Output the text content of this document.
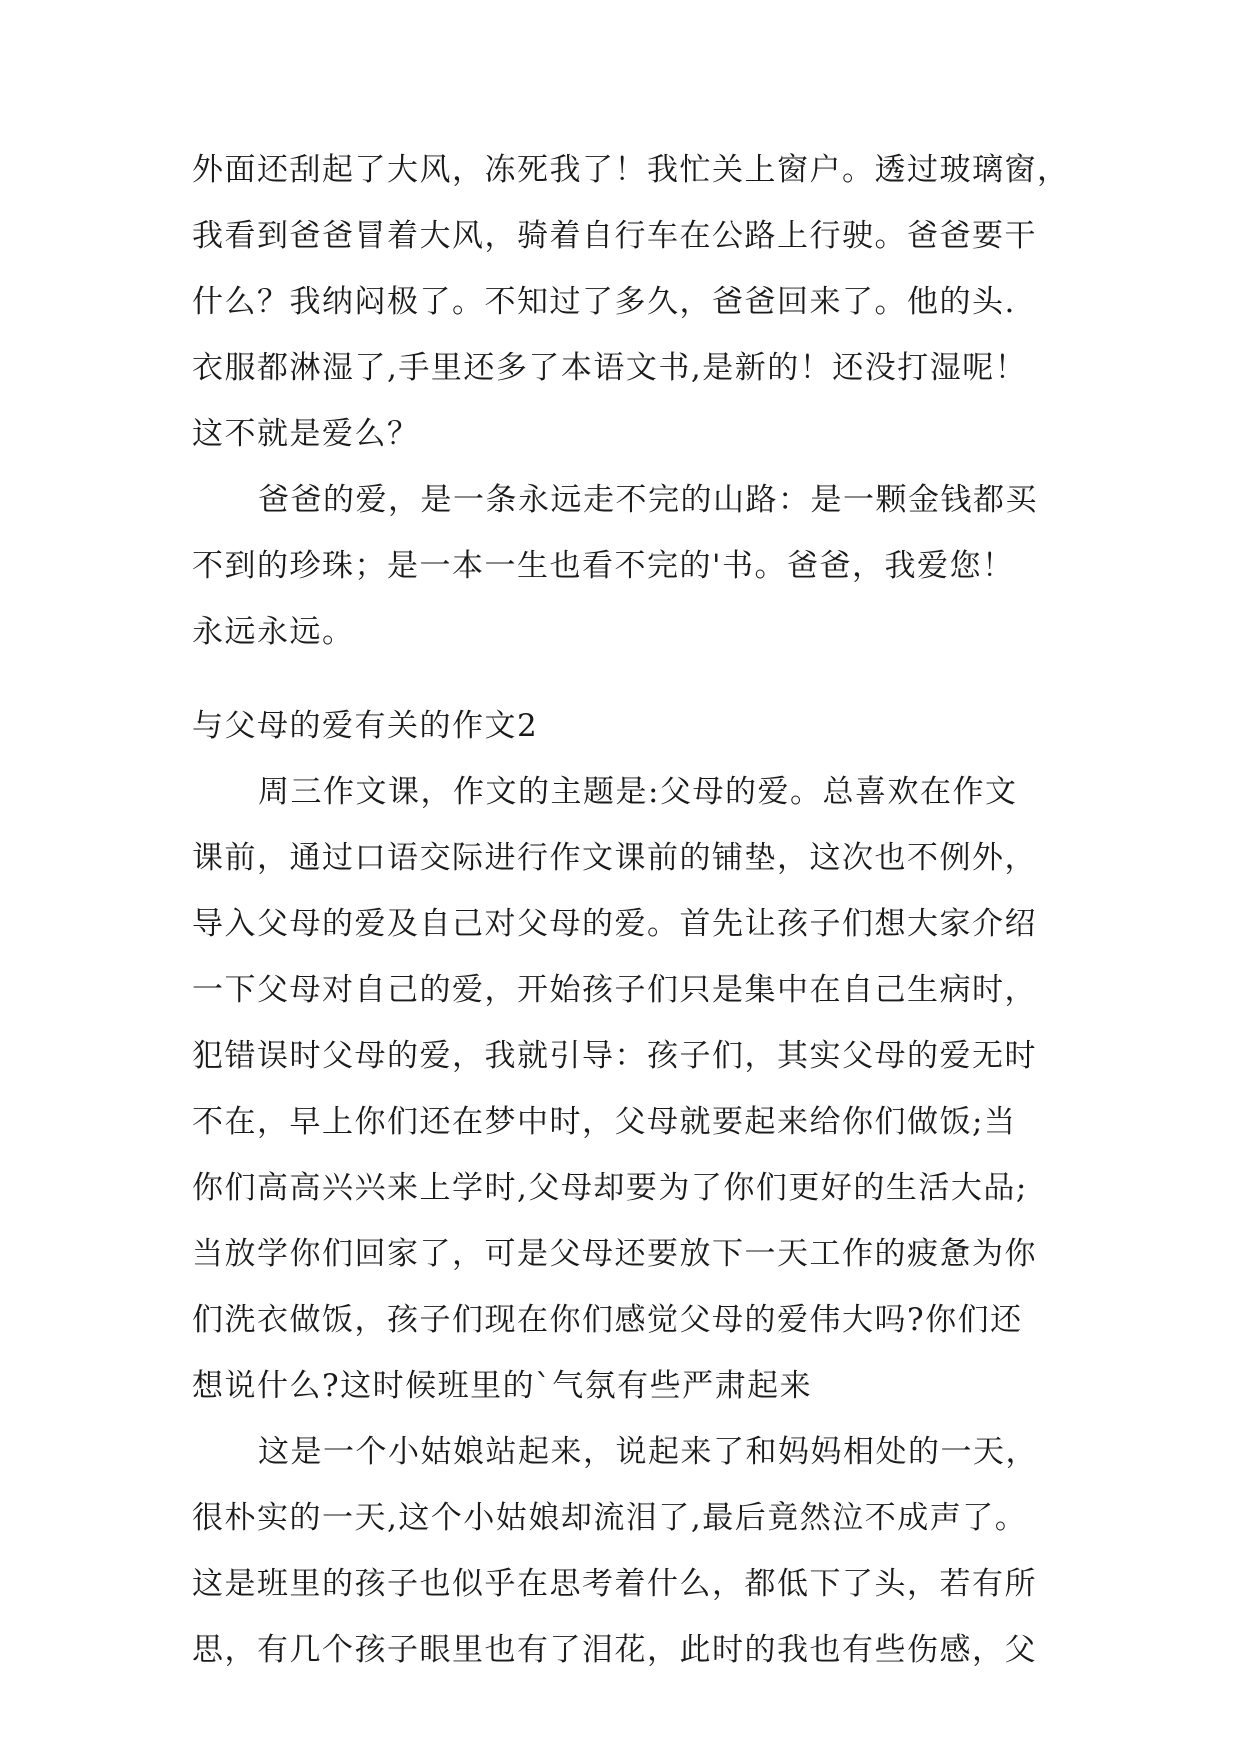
外面还刮起了大风，冻死我了！我忙关上窗户。透过玻璃窗，
我看到爸爸冒着大风，骑着自行车在公路上行驶。爸爸要干
什么？我纳闷极了。不知过了多久，爸爸回来了。他的头.
衣服都淋湿了,手里还多了本语文书,是新的！还没打湿呢！
这不就是爱么？
爸爸的爱，是一条永远走不完的山路：是一颗金钱都买
不到的珍珠；是一本一生也看不完的'书。爸爸，我爱您！
永远永远。
与父母的爱有关的作文2
周三作文课，作文的主题是:父母的爱。总喜欢在作文
课前，通过口语交际进行作文课前的铺垫，这次也不例外，
导入父母的爱及自己对父母的爱。首先让孩子们想大家介绍
一下父母对自己的爱，开始孩子们只是集中在自己生病时，
犯错误时父母的爱，我就引导：孩子们，其实父母的爱无时
不在，早上你们还在梦中时，父母就要起来给你们做饭;当
你们高高兴兴来上学时,父母却要为了你们更好的生活大品;
当放学你们回家了，可是父母还要放下一天工作的疲惫为你
们洗衣做饭，孩子们现在你们感觉父母的爱伟大吗?你们还
想说什么?这时候班里的`气氛有些严肃起来
这是一个小姑娘站起来，说起来了和妈妈相处的一天，
很朴实的一天,这个小姑娘却流泪了,最后竟然泣不成声了。
这是班里的孩子也似乎在思考着什么，都低下了头，若有所
思，有几个孩子眼里也有了泪花，此时的我也有些伤感，父
